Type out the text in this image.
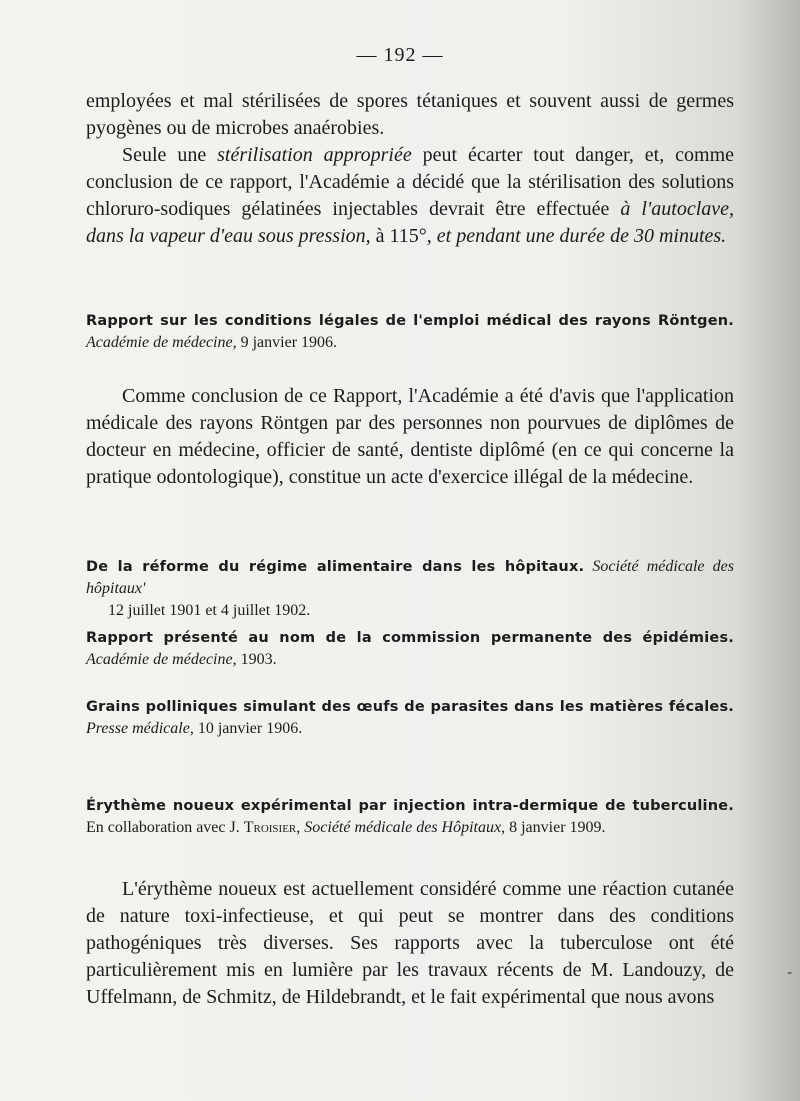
— 192 —

employées et mal stérilisées de spores tétaniques et souvent aussi de germes pyogènes ou de microbes anaérobies.

Seule une stérilisation appropriée peut écarter tout danger, et, comme conclusion de ce rapport, l'Académie a décidé que la stérilisation des solutions chloruro-sodiques gélatinées injectables devrait être effectuée à l'autoclave, dans la vapeur d'eau sous pression, à 115°, et pendant une durée de 30 minutes.

Rapport sur les conditions légales de l'emploi médical des rayons Röntgen. Académie de médecine, 9 janvier 1906.

Comme conclusion de ce Rapport, l'Académie a été d'avis que l'application médicale des rayons Röntgen par des personnes non pourvues de diplômes de docteur en médecine, officier de santé, dentiste diplômé (en ce qui concerne la pratique odontologique), constitue un acte d'exercice illégal de la médecine.

De la réforme du régime alimentaire dans les hôpitaux. Société médicale des hôpitaux'
12 juillet 1901 et 4 juillet 1902.

Rapport présenté au nom de la commission permanente des épidémies. Académie de médecine, 1903.

Grains polliniques simulant des œufs de parasites dans les matières fécales. Presse médicale, 10 janvier 1906.

Érythème noueux expérimental par injection intra-dermique de tuberculine. En collaboration avec J. Troisier, Société médicale des Hôpitaux, 8 janvier 1909.

L'érythème noueux est actuellement considéré comme une réaction cutanée de nature toxi-infectieuse, et qui peut se montrer dans des conditions pathogéniques très diverses. Ses rapports avec la tuberculose ont été particulièrement mis en lumière par les travaux récents de M. Landouzy, de Uffelmann, de Schmitz, de Hildebrandt, et le fait expérimental que nous avons

-
